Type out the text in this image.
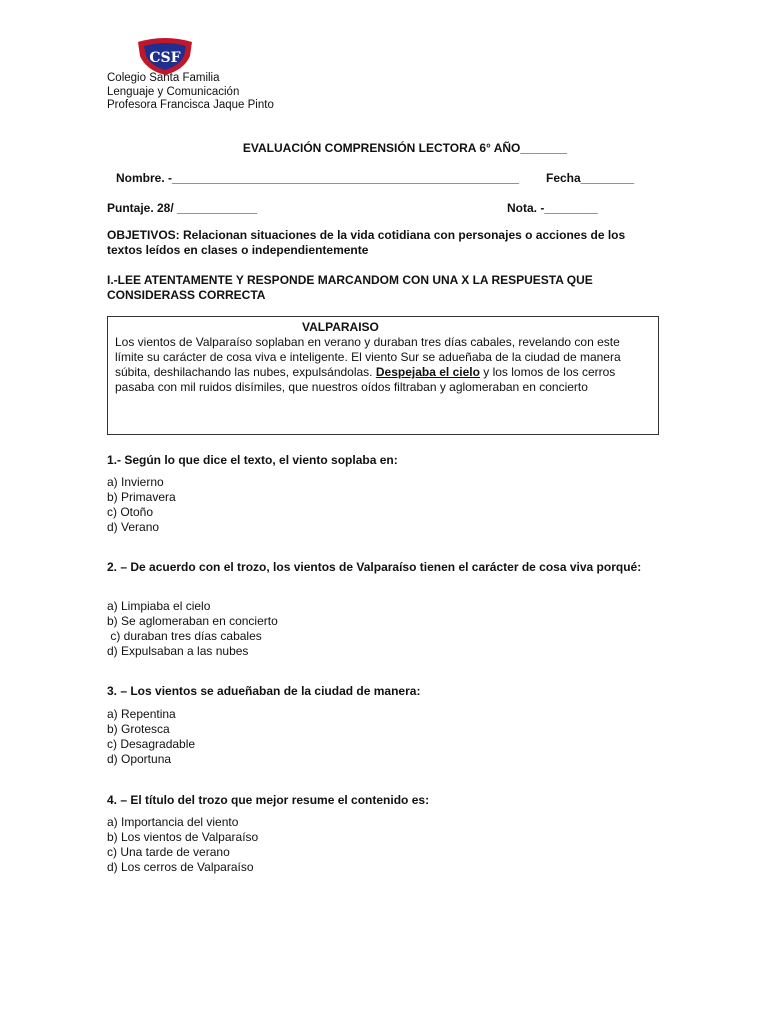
CSF
Colegio Santa Familia
Lenguaje y Comunicación
Profesora Francisca Jaque Pinto
EVALUACIÓN COMPRENSIÓN LECTORA 6° AÑO_______
Nombre. -____________________________________________________ Fecha________
Puntaje. 28/ ____________	Nota. -________
OBJETIVOS: Relacionan situaciones de la vida cotidiana con personajes o acciones de los textos leídos en clases o independientemente
I.-LEE ATENTAMENTE Y RESPONDE MARCANDOM CON UNA X LA RESPUESTA QUE CONSIDERASS CORRECTA
VALPARAISO
Los vientos de Valparaíso soplaban en verano y duraban tres días cabales, revelando con este límite su carácter de cosa viva e inteligente. El viento Sur se adueñaba de la ciudad de manera súbita, deshilachando las nubes, expulsándolas. Despejaba el cielo y los lomos de los cerros pasaba con mil ruidos disímiles, que nuestros oídos filtraban y aglomeraban en concierto
1.- Según lo que dice el texto, el viento soplaba en:
a) Invierno
b) Primavera
c) Otoño
d) Verano
2. – De acuerdo con el trozo, los vientos de Valparaíso tienen el carácter de cosa viva porqué:
a) Limpiaba el cielo
b) Se aglomeraban en concierto
c) duraban tres días cabales
d) Expulsaban a las nubes
3. – Los vientos se adueñaban de la ciudad de manera:
a) Repentina
b) Grotesca
c) Desagradable
d) Oportuna
4. – El título del trozo que mejor resume el contenido es:
a) Importancia del viento
b) Los vientos de Valparaíso
c) Una tarde de verano
d) Los cerros de Valparaíso
